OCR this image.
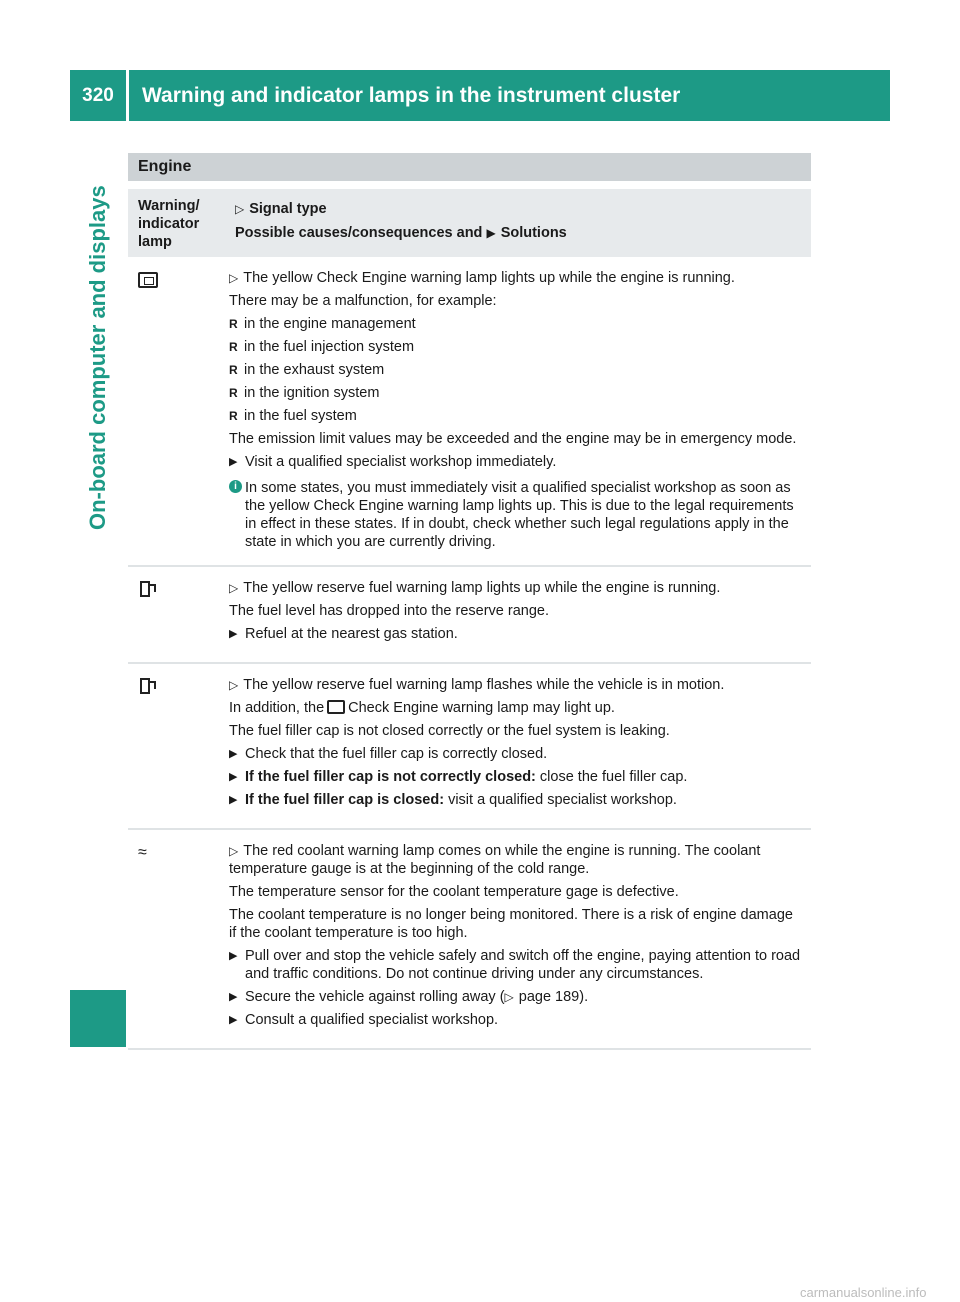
320	Warning and indicator lamps in the instrument cluster
On-board computer and displays
Engine
Warning/ indicator lamp
▷ Signal type
Possible causes/consequences and ▶ Solutions

▷ The yellow Check Engine warning lamp lights up while the engine is running.

There may be a malfunction, for example:

R in the engine management
R in the fuel injection system
R in the exhaust system
R in the ignition system
R in the fuel system

The emission limit values may be exceeded and the engine may be in emergency mode.

▶ Visit a qualified specialist workshop immediately.
i In some states, you must immediately visit a qualified specialist workshop as soon as the yellow Check Engine warning lamp lights up. This is due to the legal requirements in effect in these states. If in doubt, check whether such legal regulations apply in the state in which you are currently driving.

▷ The yellow reserve fuel warning lamp lights up while the engine is running.

The fuel level has dropped into the reserve range.

▶ Refuel at the nearest gas station.

▷ The yellow reserve fuel warning lamp flashes while the vehicle is in motion.

In addition, the Check Engine warning lamp may light up.

The fuel filler cap is not closed correctly or the fuel system is leaking.

▶ Check that the fuel filler cap is correctly closed.
▶ If the fuel filler cap is not correctly closed: close the fuel filler cap.
▶ If the fuel filler cap is closed: visit a qualified specialist workshop.
≈	▷ The red coolant warning lamp comes on while the engine is running. The coolant temperature gauge is at the beginning of the cold range.

The temperature sensor for the coolant temperature gage is defective.

The coolant temperature is no longer being monitored. There is a risk of engine damage if the coolant temperature is too high.

▶ Pull over and stop the vehicle safely and switch off the engine, paying attention to road and traffic conditions. Do not continue driving under any circumstances.
▶ Secure the vehicle against rolling away (▷ page 189).
▶ Consult a qualified specialist workshop.
carmanualsonline.info
